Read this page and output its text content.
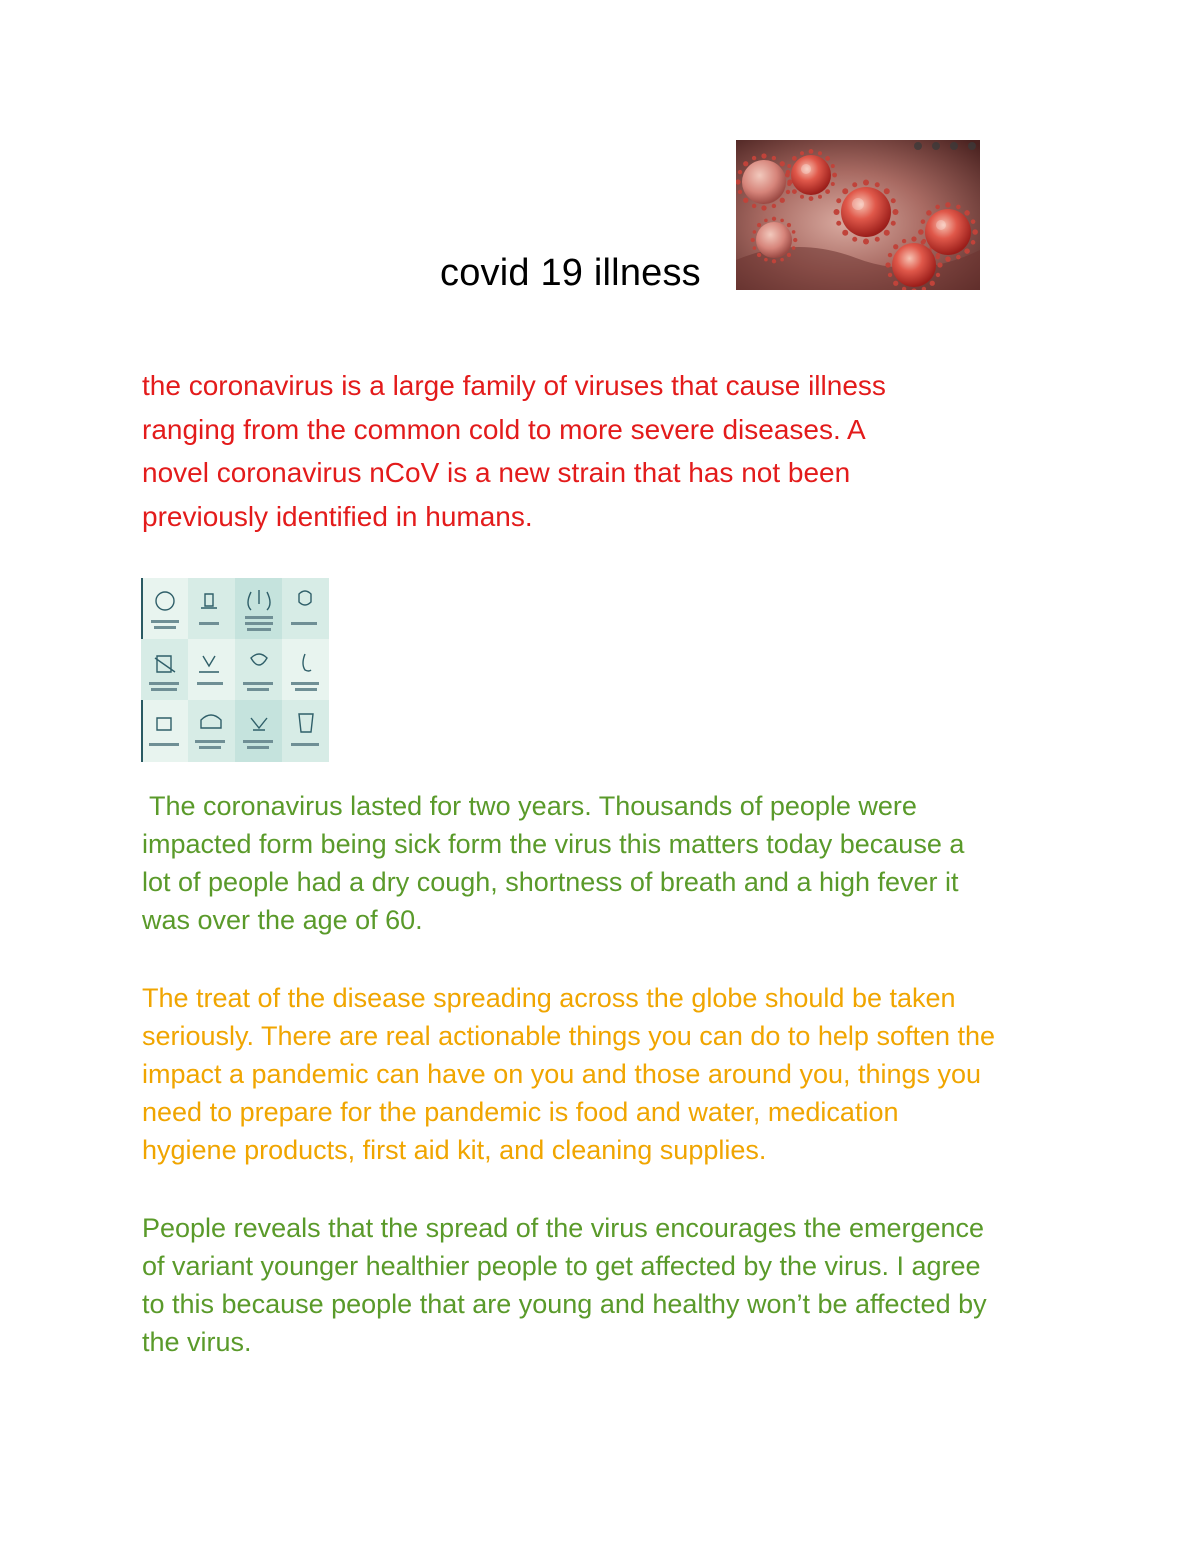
covid 19 illness

the coronavirus is a large family of viruses that cause illness
ranging from the common cold to more severe diseases. A
novel coronavirus nCoV is a new strain that has not been
previously identified in humans.

The coronavirus lasted for two years. Thousands of people were
impacted form being sick form the virus this matters today because a
lot of people had a dry cough, shortness of breath and a high fever it
was over the age of 60.

The treat of the disease spreading across the globe should be taken
seriously. There are real actionable things you can do to help soften the
impact a pandemic can have on you and those around you, things you
need to prepare for the pandemic is food and water, medication
hygiene products, first aid kit, and cleaning supplies.

People reveals that the spread of the virus encourages the emergence
of variant younger healthier people to get affected by the virus. I agree
to this because people that are young and healthy won’t be affected by
the virus.
